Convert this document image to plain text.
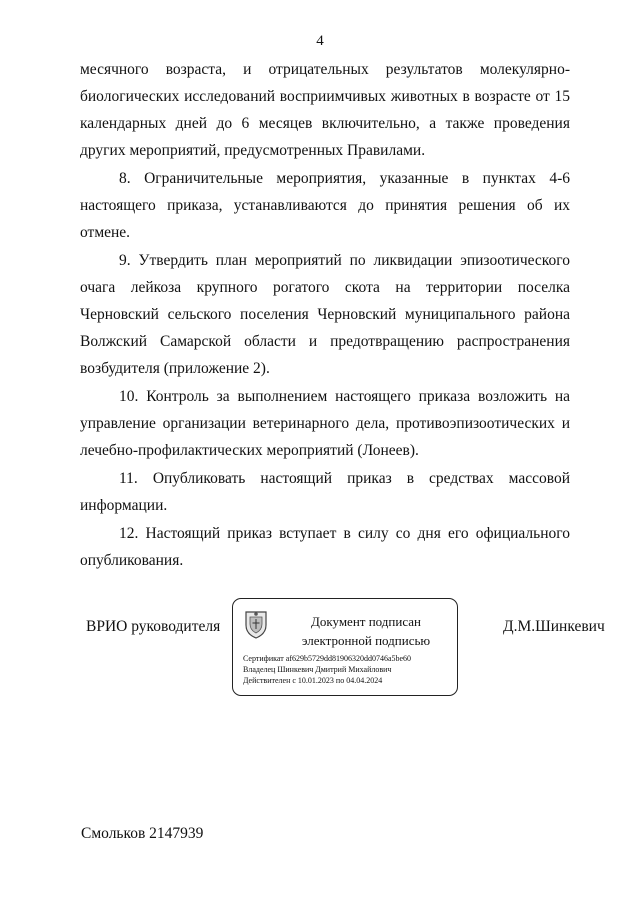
4

месячного возраста, и отрицательных результатов молекулярно-биологических исследований восприимчивых животных в возрасте от 15 календарных дней до 6 месяцев включительно, а также проведения других мероприятий, предусмотренных Правилами.

8. Ограничительные мероприятия, указанные в пунктах 4-6 настоящего приказа, устанавливаются до принятия решения об их отмене.

9. Утвердить план мероприятий по ликвидации эпизоотического очага лейкоза крупного рогатого скота на территории поселка Черновский сельского поселения Черновский муниципального района Волжский Самарской области и предотвращению распространения возбудителя (приложение 2).

10. Контроль за выполнением настоящего приказа возложить на управление организации ветеринарного дела, противоэпизоотических и лечебно-профилактических мероприятий (Лонеев).

11. Опубликовать настоящий приказ в средствах массовой информации.

12. Настоящий приказ вступает в силу со дня его официального опубликования.

ВРИО руководителя	Документ подписан
электронной подписью
Сертификат af629b5729dd81906320dd0746a5be60
Владелец Шинкевич Дмитрий Михайлович
Действителен с 10.01.2023 по 04.04.2024
Д.М.Шинкевич
Смольков 2147939
